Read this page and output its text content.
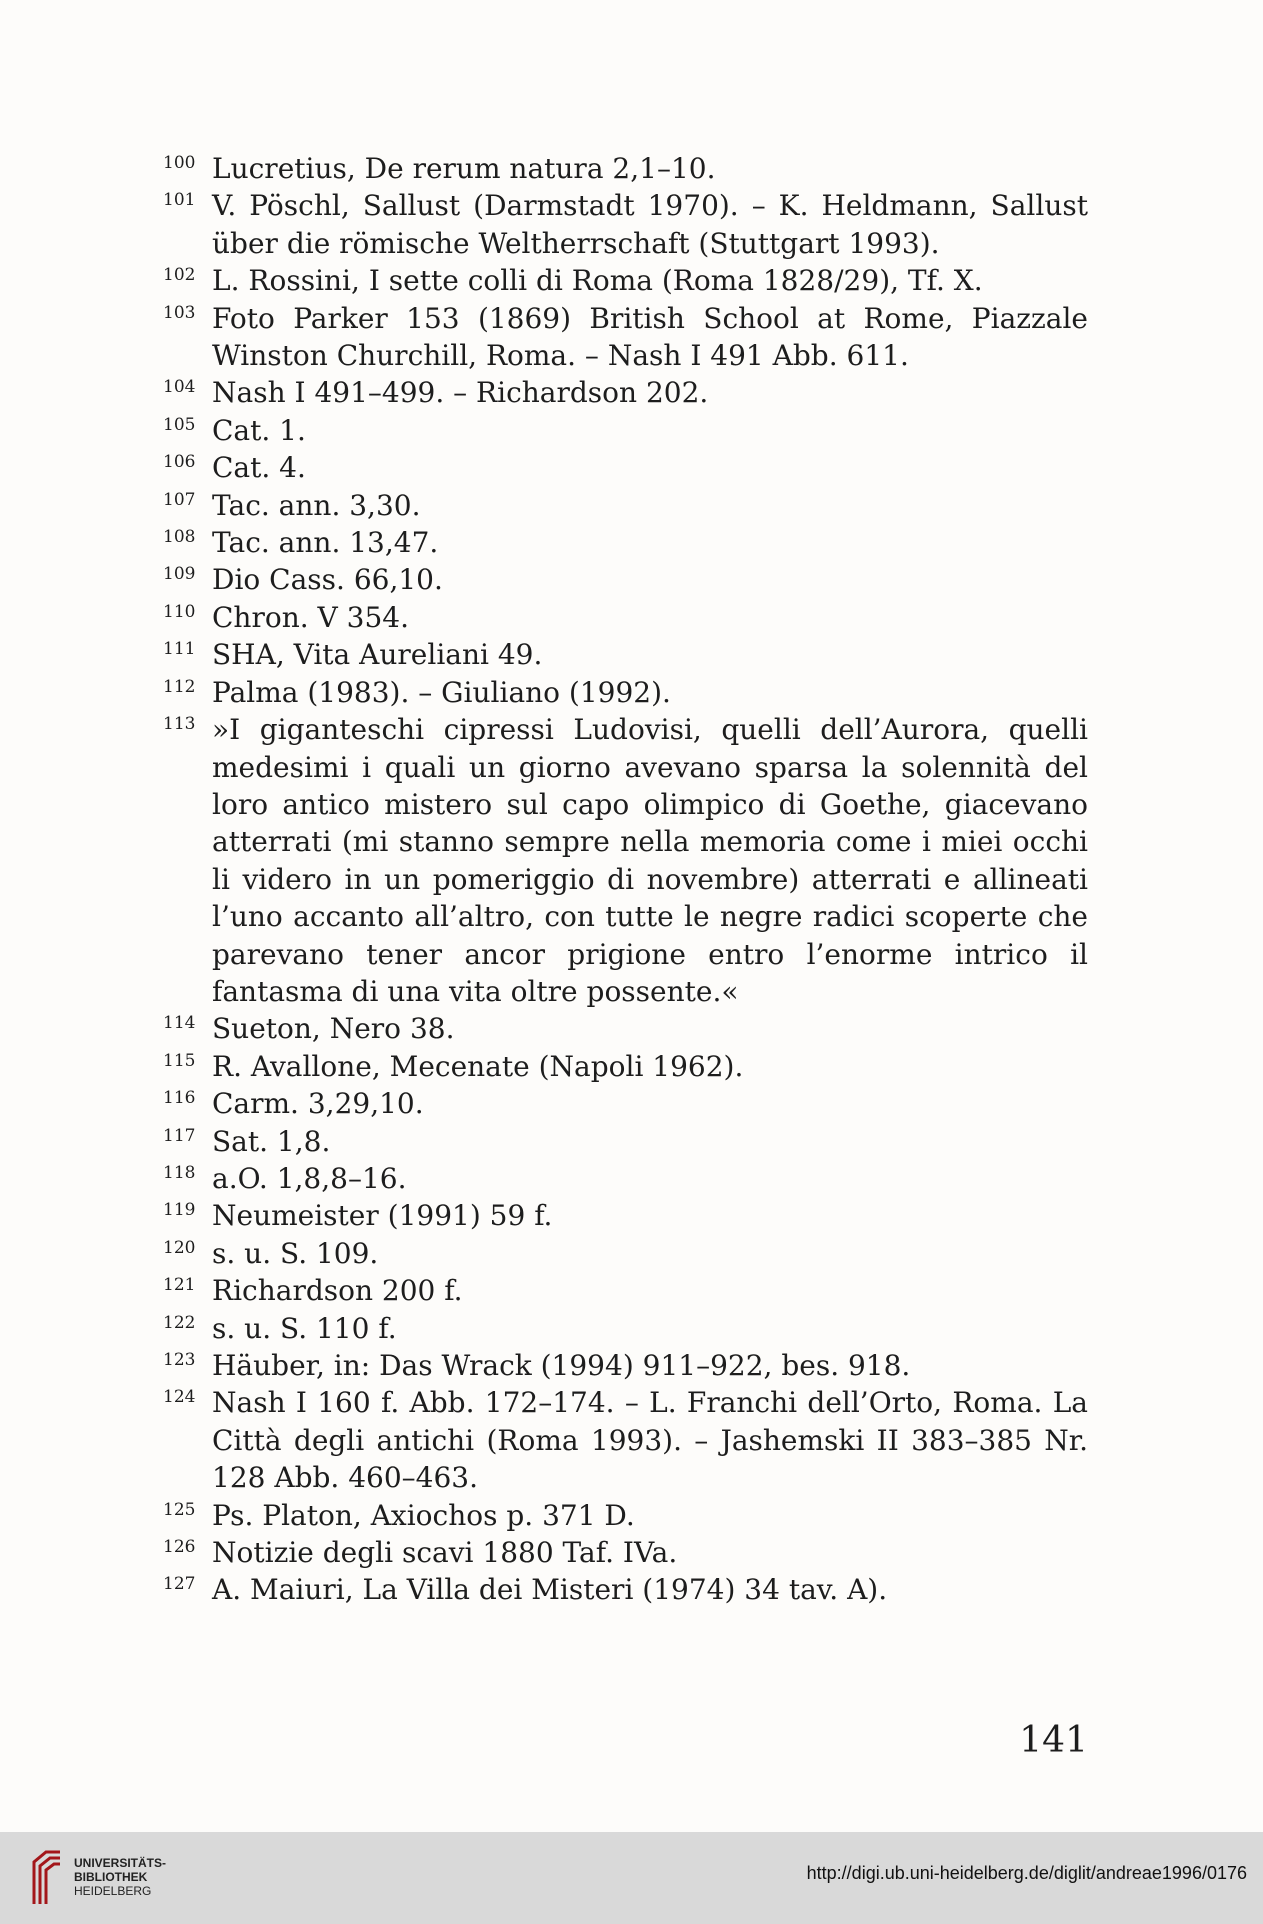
100 Lucretius, De rerum natura 2,1–10.

101 V. Pöschl, Sallust (Darmstadt 1970). – K. Heldmann, Sallust über die römische Weltherrschaft (Stuttgart 1993).

102 L. Rossini, I sette colli di Roma (Roma 1828/29), Tf. X.

103 Foto Parker 153 (1869) British School at Rome, Piazzale Winston Churchill, Roma. – Nash I 491 Abb. 611.

104 Nash I 491–499. – Richardson 202.

105 Cat. 1.

106 Cat. 4.

107 Tac. ann. 3,30.

108 Tac. ann. 13,47.

109 Dio Cass. 66,10.

110 Chron. V 354.

111 SHA, Vita Aureliani 49.

112 Palma (1983). – Giuliano (1992).

113 »I giganteschi cipressi Ludovisi, quelli dell’Aurora, quelli medesimi i quali un giorno avevano sparsa la solennità del loro antico mistero sul capo olimpico di Goethe, giacevano atterrati (mi stanno sempre nella memoria come i miei occhi li videro in un pomeriggio di novembre) atterrati e allineati l’uno accanto all’altro, con tutte le negre radici scoperte che parevano tener ancor prigione entro l’enorme intrico il fantasma di una vita oltre possente.«

114 Sueton, Nero 38.

115 R. Avallone, Mecenate (Napoli 1962).

116 Carm. 3,29,10.

117 Sat. 1,8.

118 a.O. 1,8,8–16.

119 Neumeister (1991) 59 f.

120 s. u. S. 109.

121 Richardson 200 f.

122 s. u. S. 110 f.

123 Häuber, in: Das Wrack (1994) 911–922, bes. 918.

124 Nash I 160 f. Abb. 172–174. – L. Franchi dell’Orto, Roma. La Città degli antichi (Roma 1993). – Jashemski II 383–385 Nr. 128 Abb. 460–463.

125 Ps. Platon, Axiochos p. 371 D.

126 Notizie degli scavi 1880 Taf. IVa.

127 A. Maiuri, La Villa dei Misteri (1974) 34 tav. A).

141
UNIVERSITÄTS-
BIBLIOTHEK
HEIDELBERG
http://digi.ub.uni-heidelberg.de/diglit/andreae1996/0176
